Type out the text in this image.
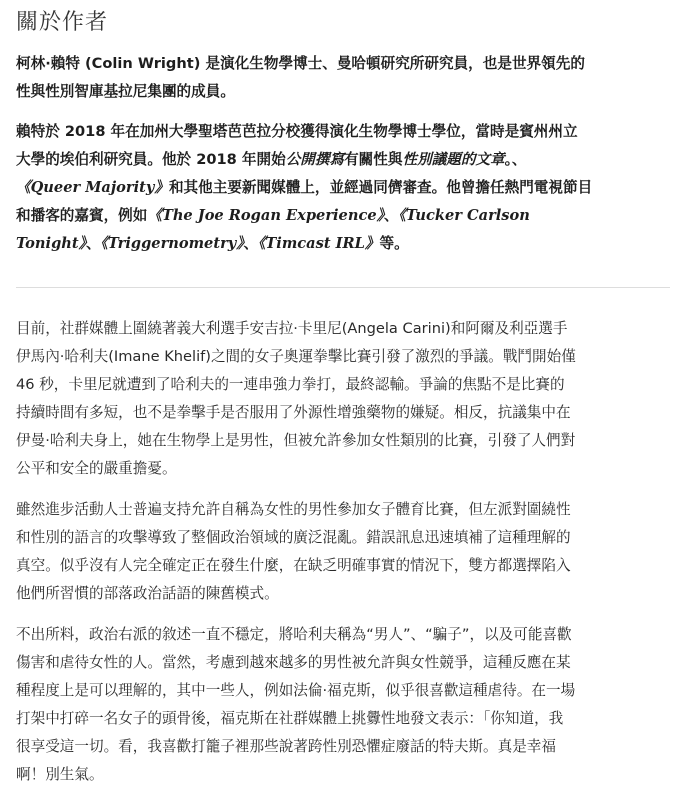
關於作者
柯林·賴特 (Colin Wright) 是演化生物學博士、曼哈頓研究所研究員，也是世界領先的
性與性別智庫基拉尼集團的成員。
賴特於 2018 年在加州大學聖塔芭芭拉分校獲得演化生物學博士學位，當時是賓州州立
大學的埃伯利研究員。他於 2018 年開始公開撰寫有關性與性別議題的文章。、
《Queer Majority》和其他主要新聞媒體上，並經過同儕審查。他曾擔任熱門電視節目
和播客的嘉賓，例如《The Joe Rogan Experience》、《Tucker Carlson
Tonight》、《Triggernometry》、《Timcast IRL》等。
目前，社群媒體上圍繞著義大利選手安吉拉·卡里尼(Angela Carini)和阿爾及利亞選手
伊馬內·哈利夫(Imane Khelif)之間的女子奧運拳擊比賽引發了激烈的爭議。戰鬥開始僅
46 秒，卡里尼就遭到了哈利夫的一連串強力拳打，最終認輸。爭論的焦點不是比賽的
持續時間有多短，也不是拳擊手是否服用了外源性增強藥物的嫌疑。相反，抗議集中在
伊曼·哈利夫身上，她在生物學上是男性，但被允許參加女性類別的比賽，引發了人們對
公平和安全的嚴重擔憂。
雖然進步活動人士普遍支持允許自稱為女性的男性參加女子體育比賽，但左派對圍繞性
和性別的語言的攻擊導致了整個政治領域的廣泛混亂。錯誤訊息迅速填補了這種理解的
真空。似乎沒有人完全確定正在發生什麼，在缺乏明確事實的情況下，雙方都選擇陷入
他們所習慣的部落政治話語的陳舊模式。
不出所料，政治右派的敘述一直不穩定，將哈利夫稱為“男人”、“騙子”，以及可能喜歡
傷害和虐待女性的人。當然，考慮到越來越多的男性被允許與女性競爭，這種反應在某
種程度上是可以理解的，其中一些人，例如法倫·福克斯，似乎很喜歡這種虐待。在一場
打架中打碎一名女子的頭骨後，福克斯在社群媒體上挑釁性地發文表示：「你知道，我
很享受這一切。看，我喜歡打籠子裡那些說著跨性別恐懼症廢話的特夫斯。真是幸福
啊！別生氣。
